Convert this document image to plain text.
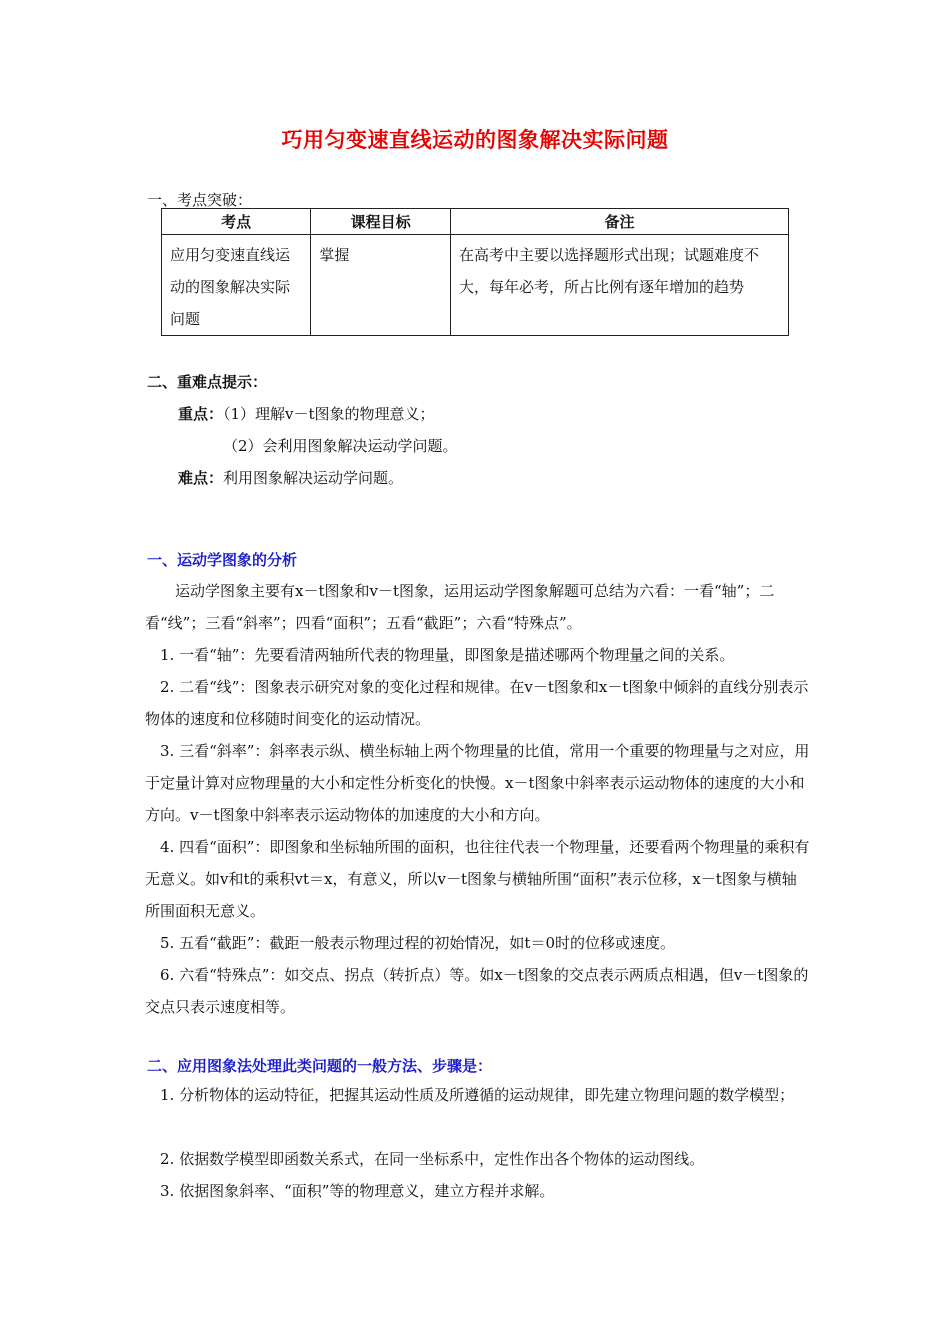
巧用匀变速直线运动的图象解决实际问题
一、考点突破：
考点	课程目标	备注
应用匀变速直线运动的图象解决实际问题	掌握	在高考中主要以选择题形式出现；试题难度不大，每年必考，所占比例有逐年增加的趋势
二、重难点提示：
重点：（1）理解v－t图象的物理意义；
（2）会利用图象解决运动学问题。
难点：利用图象解决运动学问题。
一、运动学图象的分析
运动学图象主要有x－t图象和v－t图象，运用运动学图象解题可总结为六看：一看“轴”；二看“线”；三看“斜率”；四看“面积”；五看“截距”；六看“特殊点”。
1. 一看“轴”：先要看清两轴所代表的物理量，即图象是描述哪两个物理量之间的关系。
2. 二看“线”：图象表示研究对象的变化过程和规律。在v－t图象和x－t图象中倾斜的直线分别表示物体的速度和位移随时间变化的运动情况。
3. 三看“斜率”：斜率表示纵、横坐标轴上两个物理量的比值，常用一个重要的物理量与之对应，用于定量计算对应物理量的大小和定性分析变化的快慢。x－t图象中斜率表示运动物体的速度的大小和方向。v－t图象中斜率表示运动物体的加速度的大小和方向。
4. 四看“面积”：即图象和坐标轴所围的面积，也往往代表一个物理量，还要看两个物理量的乘积有无意义。如v和t的乘积vt＝x，有意义，所以v－t图象与横轴所围“面积”表示位移，x－t图象与横轴所围面积无意义。
5. 五看“截距”：截距一般表示物理过程的初始情况，如t＝0时的位移或速度。
6. 六看“特殊点”：如交点、拐点（转折点）等。如x－t图象的交点表示两质点相遇，但v－t图象的交点只表示速度相等。
二、应用图象法处理此类问题的一般方法、步骤是：
1. 分析物体的运动特征，把握其运动性质及所遵循的运动规律，即先建立物理问题的数学模型；
2. 依据数学模型即函数关系式，在同一坐标系中，定性作出各个物体的运动图线。
3. 依据图象斜率、“面积”等的物理意义，建立方程并求解。
